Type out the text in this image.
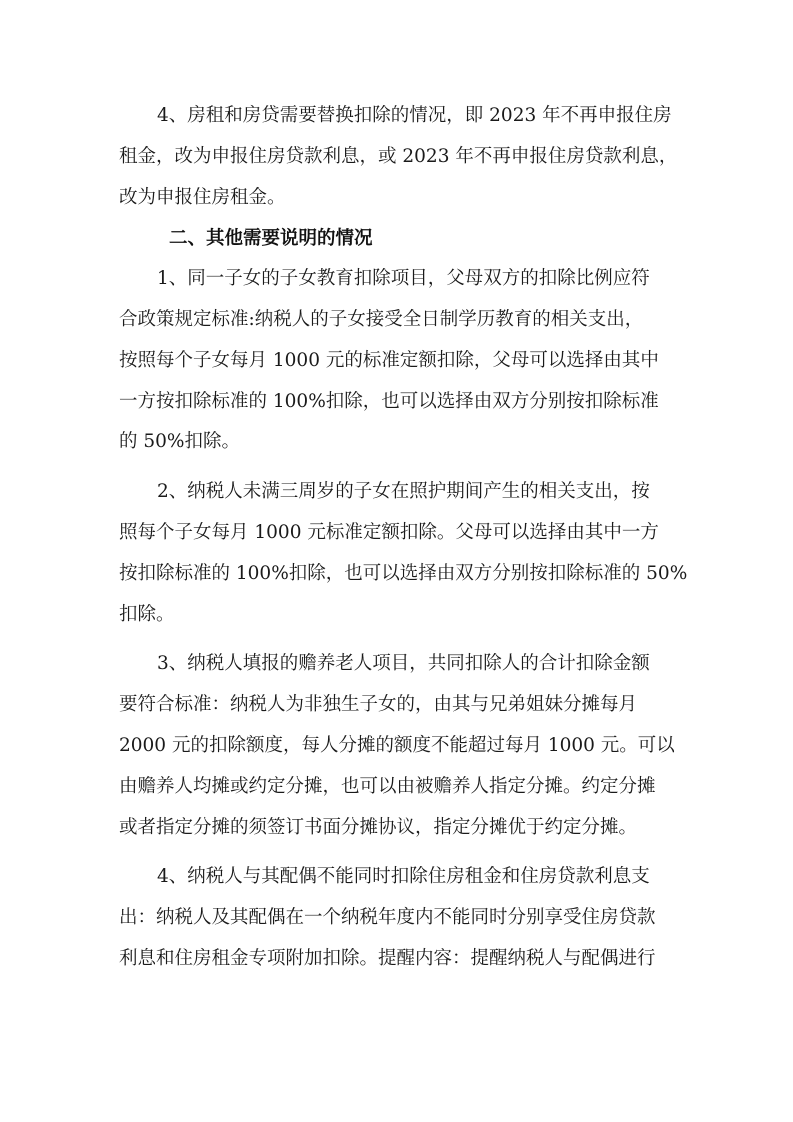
4、房租和房贷需要替换扣除的情况，即 2023 年不再申报住房
租金，改为申报住房贷款利息，或 2023 年不再申报住房贷款利息，
改为申报住房租金。
二、其他需要说明的情况
1、同一子女的子女教育扣除项目，父母双方的扣除比例应符
合政策规定标准:纳税人的子女接受全日制学历教育的相关支出，
按照每个子女每月 1000 元的标准定额扣除，父母可以选择由其中
一方按扣除标准的 100%扣除，也可以选择由双方分别按扣除标准
的 50%扣除。
2、纳税人未满三周岁的子女在照护期间产生的相关支出，按
照每个子女每月 1000 元标准定额扣除。父母可以选择由其中一方
按扣除标准的 100%扣除，也可以选择由双方分别按扣除标准的 50%
扣除。
3、纳税人填报的赡养老人项目，共同扣除人的合计扣除金额
要符合标准：纳税人为非独生子女的，由其与兄弟姐妹分摊每月
2000 元的扣除额度，每人分摊的额度不能超过每月 1000 元。可以
由赡养人均摊或约定分摊，也可以由被赡养人指定分摊。约定分摊
或者指定分摊的须签订书面分摊协议，指定分摊优于约定分摊。
4、纳税人与其配偶不能同时扣除住房租金和住房贷款利息支
出：纳税人及其配偶在一个纳税年度内不能同时分别享受住房贷款
利息和住房租金专项附加扣除。提醒内容：提醒纳税人与配偶进行
